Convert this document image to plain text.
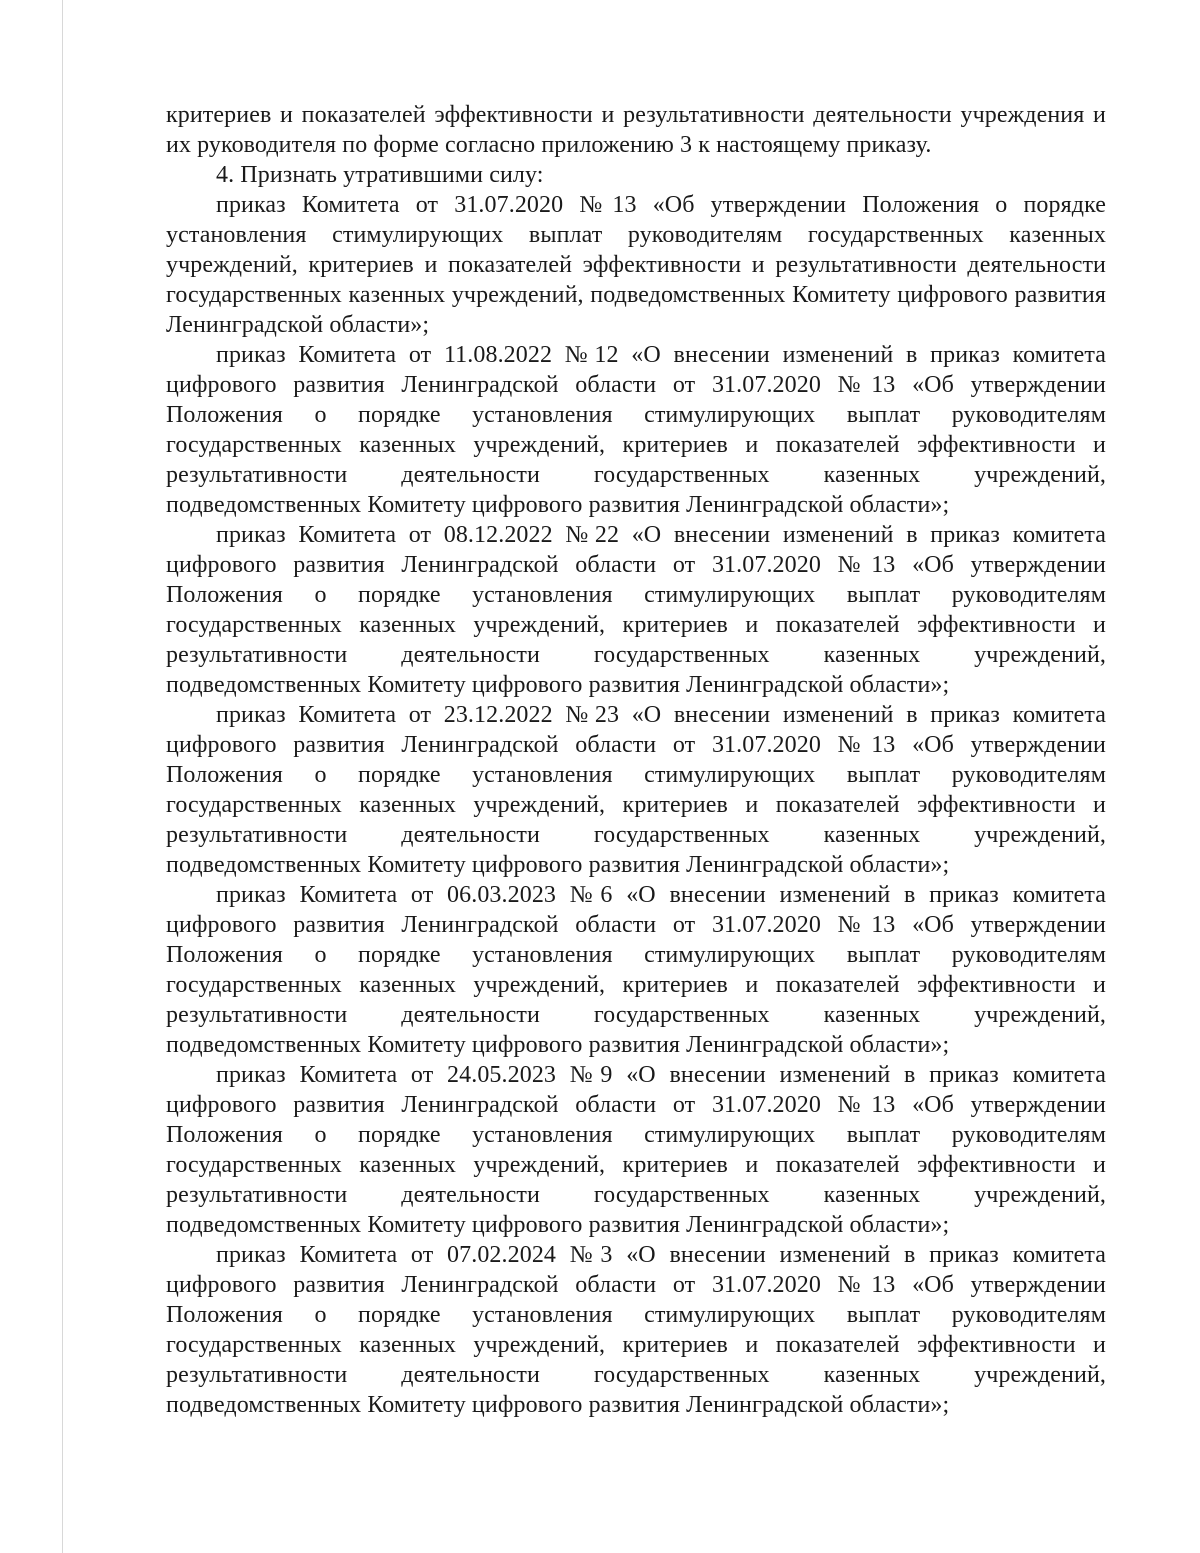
критериев и показателей эффективности и результативности деятельности учреждения и их руководителя по форме согласно приложению 3 к настоящему приказу.

4. Признать утратившими силу:

приказ Комитета от 31.07.2020 №13 «Об утверждении Положения о порядке установления стимулирующих выплат руководителям государственных казенных учреждений, критериев и показателей эффективности и результативности деятельности государственных казенных учреждений, подведомственных Комитету цифрового развития Ленинградской области»;

приказ Комитета от 11.08.2022 №12 «О внесении изменений в приказ комитета цифрового развития Ленинградской области от 31.07.2020 №13 «Об утверждении Положения о порядке установления стимулирующих выплат руководителям государственных казенных учреждений, критериев и показателей эффективности и результативности деятельности государственных казенных учреждений, подведомственных Комитету цифрового развития Ленинградской области»;

приказ Комитета от 08.12.2022 №22 «О внесении изменений в приказ комитета цифрового развития Ленинградской области от 31.07.2020 №13 «Об утверждении Положения о порядке установления стимулирующих выплат руководителям государственных казенных учреждений, критериев и показателей эффективности и результативности деятельности государственных казенных учреждений, подведомственных Комитету цифрового развития Ленинградской области»;

приказ Комитета от 23.12.2022 №23 «О внесении изменений в приказ комитета цифрового развития Ленинградской области от 31.07.2020 №13 «Об утверждении Положения о порядке установления стимулирующих выплат руководителям государственных казенных учреждений, критериев и показателей эффективности и результативности деятельности государственных казенных учреждений, подведомственных Комитету цифрового развития Ленинградской области»;

приказ Комитета от 06.03.2023 №6 «О внесении изменений в приказ комитета цифрового развития Ленинградской области от 31.07.2020 №13 «Об утверждении Положения о порядке установления стимулирующих выплат руководителям государственных казенных учреждений, критериев и показателей эффективности и результативности деятельности государственных казенных учреждений, подведомственных Комитету цифрового развития Ленинградской области»;

приказ Комитета от 24.05.2023 №9 «О внесении изменений в приказ комитета цифрового развития Ленинградской области от 31.07.2020 №13 «Об утверждении Положения о порядке установления стимулирующих выплат руководителям государственных казенных учреждений, критериев и показателей эффективности и результативности деятельности государственных казенных учреждений, подведомственных Комитету цифрового развития Ленинградской области»;

приказ Комитета от 07.02.2024 №3 «О внесении изменений в приказ комитета цифрового развития Ленинградской области от 31.07.2020 №13 «Об утверждении Положения о порядке установления стимулирующих выплат руководителям государственных казенных учреждений, критериев и показателей эффективности и результативности деятельности государственных казенных учреждений, подведомственных Комитету цифрового развития Ленинградской области»;
